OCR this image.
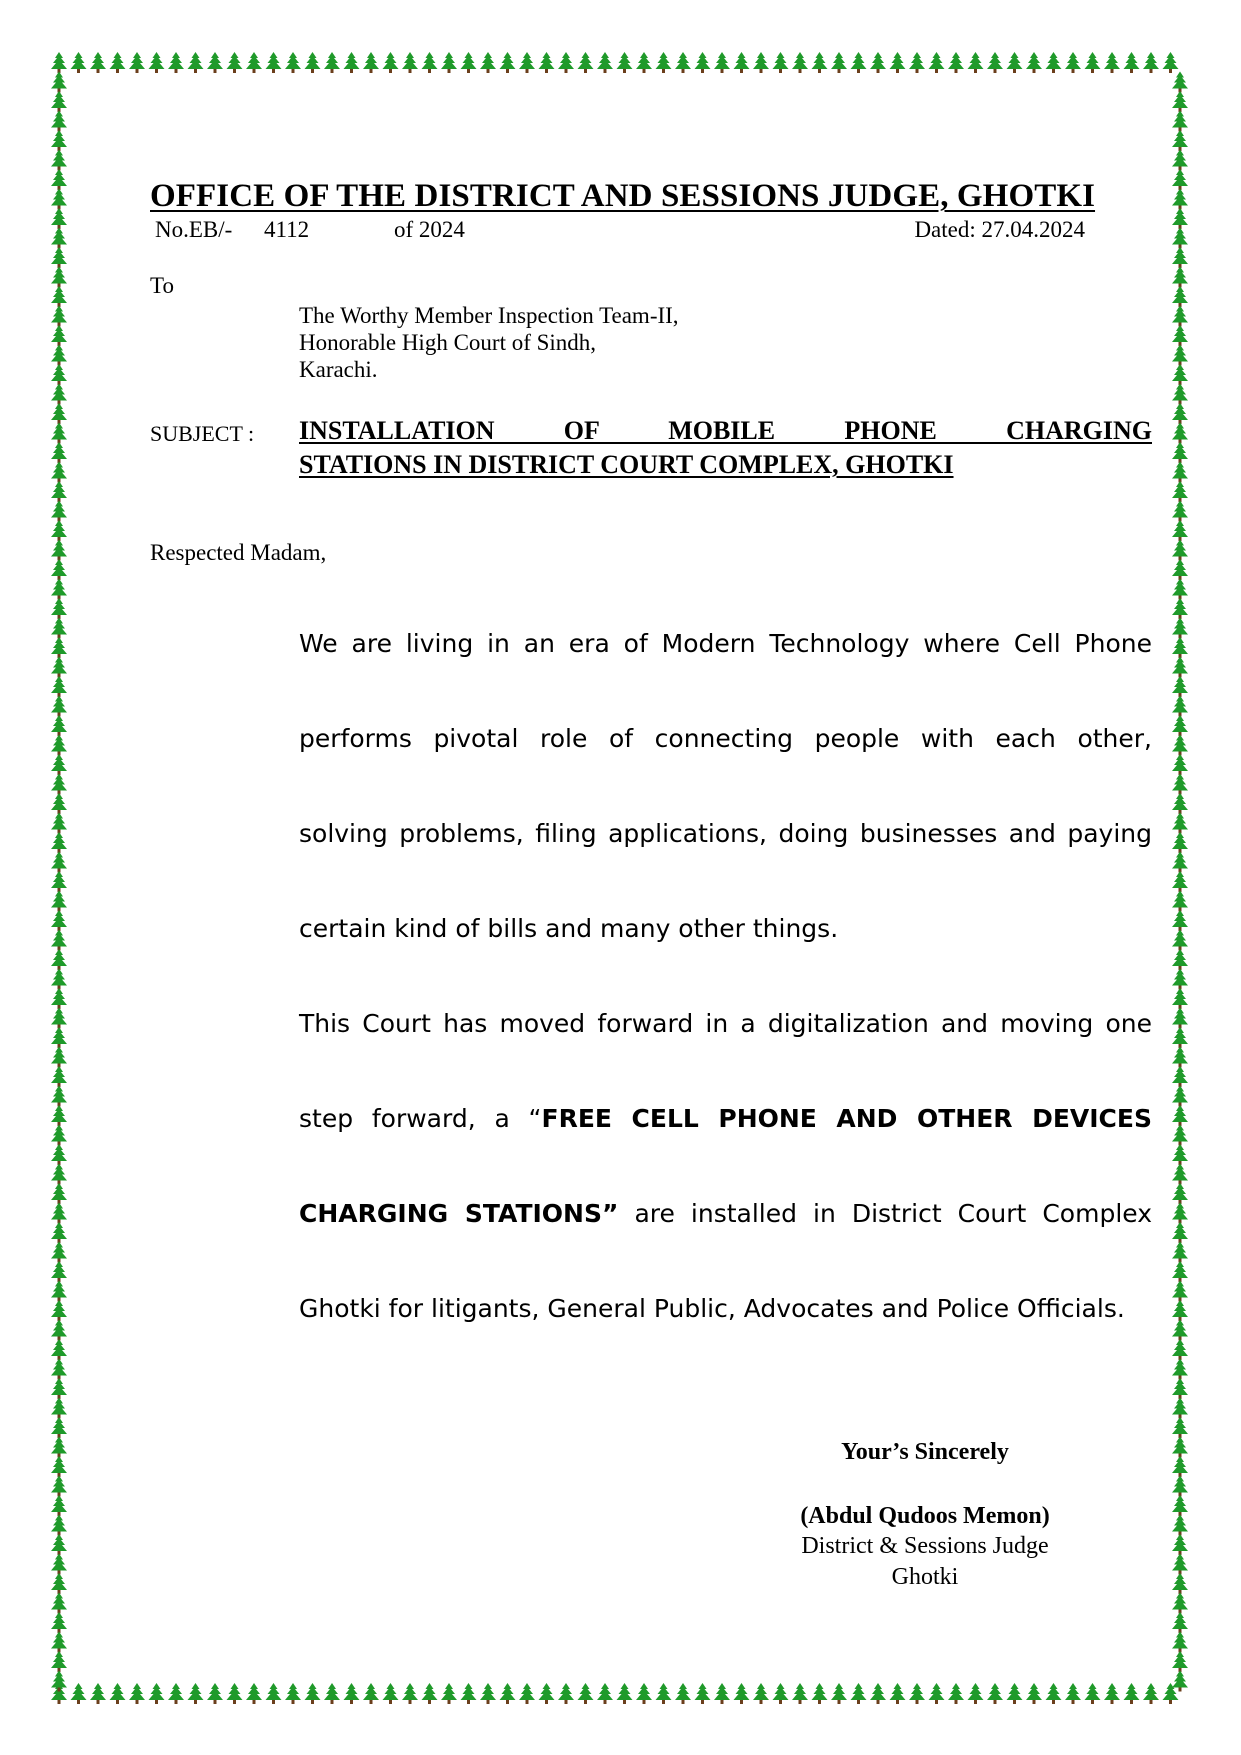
OFFICE OF THE DISTRICT AND SESSIONS JUDGE, GHOTKI
No.EB/- 4112	of 2024	Dated: 27.04.2024
To
The Worthy Member Inspection Team-II,
Honorable High Court of Sindh,
Karachi.
SUBJECT : INSTALLATION OF MOBILE PHONE CHARGING
STATIONS IN DISTRICT COURT COMPLEX, GHOTKI
Respected Madam,
We are living in an era of Modern Technology where Cell Phone
performs pivotal role of connecting people with each other,
solving problems, filing applications, doing businesses and paying
certain kind of bills and many other things.
This Court has moved forward in a digitalization and moving one
step forward, a “FREE CELL PHONE AND OTHER DEVICES
CHARGING STATIONS” are installed in District Court Complex
Ghotki for litigants, General Public, Advocates and Police Officials.
Your’s Sincerely
(Abdul Qudoos Memon)
District & Sessions Judge
Ghotki
